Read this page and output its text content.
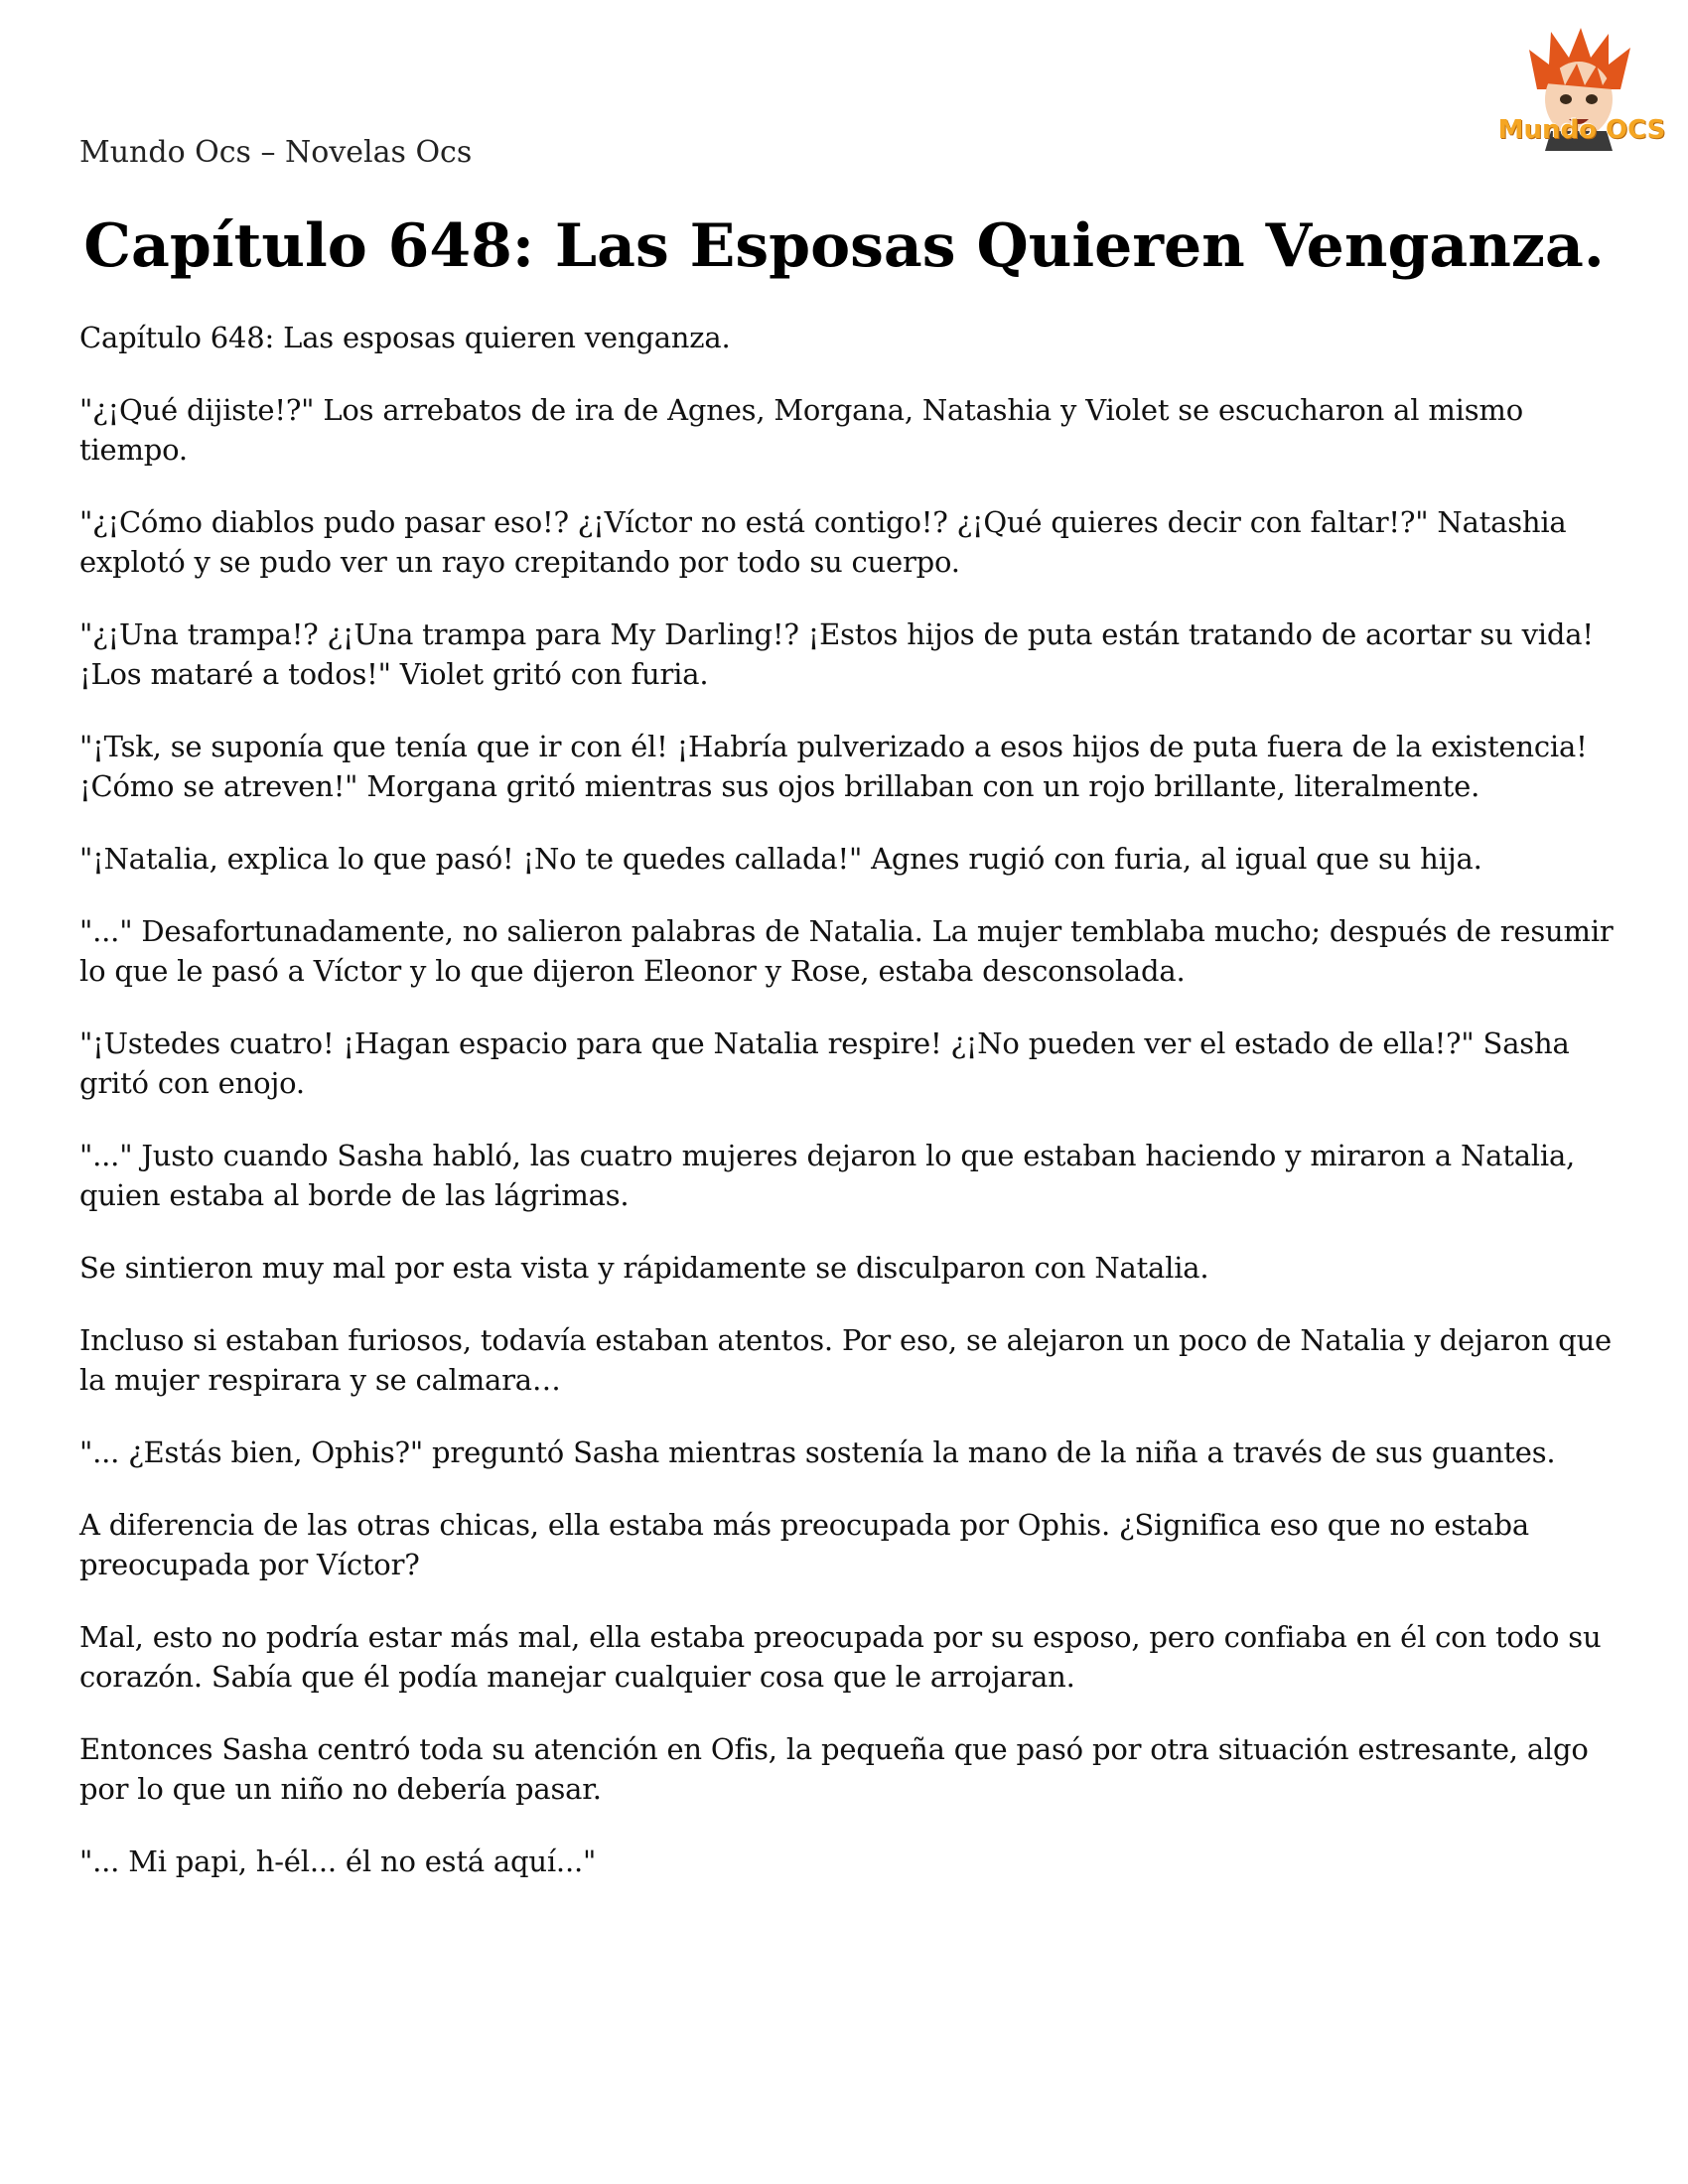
Mundo Ocs – Novelas Ocs
Mundo OCS
Capítulo 648: Las Esposas Quieren Venganza.

Capítulo 648: Las esposas quieren venganza.

"¿¡Qué dijiste!?" Los arrebatos de ira de Agnes, Morgana, Natashia y Violet se escucharon al mismo tiempo.

"¿¡Cómo diablos pudo pasar eso!? ¿¡Víctor no está contigo!? ¿¡Qué quieres decir con faltar!?" Natashia explotó y se pudo ver un rayo crepitando por todo su cuerpo.

"¿¡Una trampa!? ¿¡Una trampa para My Darling!? ¡Estos hijos de puta están tratando de acortar su vida! ¡Los mataré a todos!" Violet gritó con furia.

"¡Tsk, se suponía que tenía que ir con él! ¡Habría pulverizado a esos hijos de puta fuera de la existencia! ¡Cómo se atreven!" Morgana gritó mientras sus ojos brillaban con un rojo brillante, literalmente.

"¡Natalia, explica lo que pasó! ¡No te quedes callada!" Agnes rugió con furia, al igual que su hija.

"..." Desafortunadamente, no salieron palabras de Natalia. La mujer temblaba mucho; después de resumir lo que le pasó a Víctor y lo que dijeron Eleonor y Rose, estaba desconsolada.

"¡Ustedes cuatro! ¡Hagan espacio para que Natalia respire! ¿¡No pueden ver el estado de ella!?" Sasha gritó con enojo.

"..." Justo cuando Sasha habló, las cuatro mujeres dejaron lo que estaban haciendo y miraron a Natalia, quien estaba al borde de las lágrimas.

Se sintieron muy mal por esta vista y rápidamente se disculparon con Natalia.

Incluso si estaban furiosos, todavía estaban atentos. Por eso, se alejaron un poco de Natalia y dejaron que la mujer respirara y se calmara…

"... ¿Estás bien, Ophis?" preguntó Sasha mientras sostenía la mano de la niña a través de sus guantes.

A diferencia de las otras chicas, ella estaba más preocupada por Ophis. ¿Significa eso que no estaba preocupada por Víctor?

Mal, esto no podría estar más mal, ella estaba preocupada por su esposo, pero confiaba en él con todo su corazón. Sabía que él podía manejar cualquier cosa que le arrojaran.

Entonces Sasha centró toda su atención en Ofis, la pequeña que pasó por otra situación estresante, algo por lo que un niño no debería pasar.

"... Mi papi, h-él... él no está aquí..."
